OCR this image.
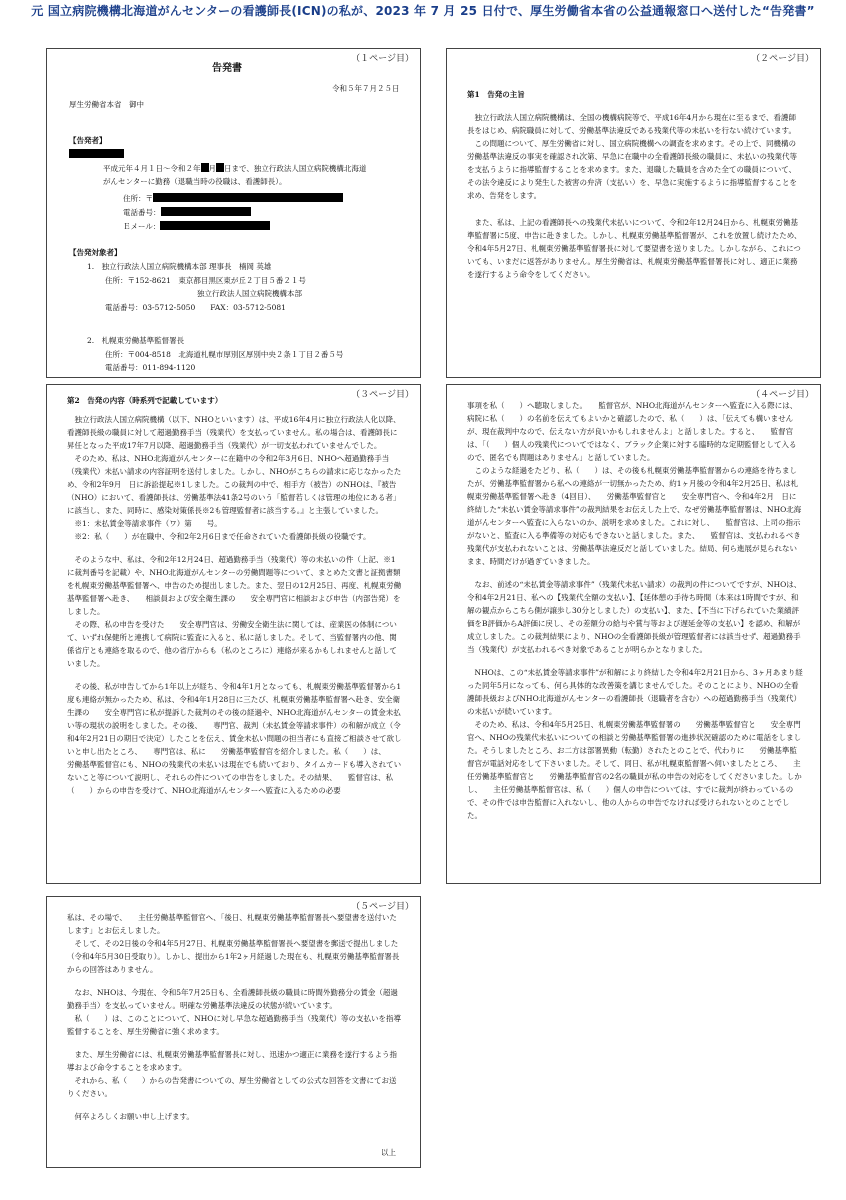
元 国立病院機構北海道がんセンターの看護師長(ICN)の私が、2023 年 7 月 25 日付で、厚生労働省本省の公益通報窓口へ送付した“告発書”
（１ページ目）
告発書
令和５年７月２５日
厚生労働省本省　御中
【告発者】
平成元年４月１日〜令和２年 月 日まで、独立行政法人国立病院機構北海道
がんセンターに勤務（退職当時の役職は、看護師長）。
住所：〒
電話番号：
Ｅメール：
【告発対象者】
1.　独立行政法人国立病院機構本部 理事長　楠岡 英雄
住所：〒152-8621　東京都目黒区東が丘２丁目５番２１号
独立行政法人国立病院機構本部
電話番号：03-5712-5050　　FAX：03-5712-5081
2.　札幌東労働基準監督署長
住所：〒004-8518　北海道札幌市厚別区厚別中央２条１丁目２番５号
電話番号：011-894-1120
（２ページ目）
第1　告発の主旨

独立行政法人国立病院機構は、全国の機構病院等で、平成16年4月から現在に至るまで、看護師長をはじめ、病院職員に対して、労働基準法違反である残業代等の未払いを行ない続けています。

この問題について、厚生労働省に対し、国立病院機構への調査を求めます。その上で、同機構の労働基準法違反の事実を確認され次第、早急に在職中の全看護師長級の職員に、未払いの残業代等を支払うように指導監督することを求めます。また、退職した職員を含めた全ての職員について、その法令違反により発生した被害の弁済（支払い）を、早急に実施するように指導監督することを求め、告発をします。

また、私は、上記の看護師長への残業代未払いについて、令和2年12月24日から、札幌東労働基準監督署に5度、申告に赴きました。しかし、札幌東労働基準監督署が、これを放置し続けたため、令和4年5月27日、札幌東労働基準監督署長に対して要望書を送りました。しかしながら、これについても、いまだに返答がありません。厚生労働省は、札幌東労働基準監督署長に対し、適正に業務を遂行するよう命令をしてください。

（３ページ目）
第2　告発の内容（時系列で記載しています）

独立行政法人国立病院機構（以下、NHOといいます）は、平成16年4月に独立行政法人化以降、看護師長級の職員に対して超過勤務手当（残業代）を支払っていません。私の場合は、看護師長に昇任となった平成17年7月以降、超過勤務手当（残業代）が一切支払われていませんでした。

そのため、私は、NHO北海道がんセンターに在籍中の令和2年3月6日、NHOへ超過勤務手当（残業代）未払い請求の内容証明を送付しました。しかし、NHOがこちらの請求に応じなかったため、令和2年9月　日に訴訟提起※1しました。この裁判の中で、相手方（被告）のNHOは、『被告（NHO）において、看護師長は、労働基準法41条2号のいう「監督若しくは管理の地位にある者」に該当し、また、同時に、感染対策係長※2も管理監督者に該当する。』と主張していました。

※1：未払賃金等請求事件（ワ）第　　号。

※2：私（　　）が在職中、令和2年2月6日まで任命されていた看護師長級の役職です。

そのような中、私は、令和2年12月24日、超過勤務手当（残業代）等の未払いの件（上記、※1に裁判番号を記載）や、NHO北海道がんセンターの労働問題等について、まとめた文書と証拠書類を札幌東労働基準監督署へ、申告のため提出しました。また、翌日の12月25日、再度、札幌東労働基準監督署へ赴き、　　相談員および安全衛生課の　　安全専門官に相談および申告（内部告発）をしました。

その際、私の申告を受けた　　安全専門官は、労働安全衛生法に関しては、産業医の体制について、いずれ保健所と連携して病院に監査に入ると、私に話しました。そして、当監督署内の他、関係省庁とも連絡を取るので、他の省庁からも（私のところに）連絡が来るかもしれませんと話していました。

その後、私が申告してから1年以上が経ち、令和4年1月となっても、札幌東労働基準監督署から1度も連絡が無かったため、私は、令和4年1月28日に三たび、札幌東労働基準監督署へ赴き、安全衛生課の　　安全専門官に私が提訴した裁判のその後の経過や、NHO北海道がんセンターの賃金未払い等の現状の説明をしました。その後、　　専門官、裁判（未払賃金等請求事件）の和解が成立（令和4年2月21日の期日で決定）したことを伝え、賃金未払い問題の担当者にも直接ご相談させて欲しいと申し出たところ、　　専門官は、私に　　労働基準監督官を紹介しました。私（　　）は、　　労働基準監督官にも、NHOの残業代の未払いは現在でも続いており、タイムカードも導入されていないこと等について説明し、それらの件についての申告をしました。その結果、　　監督官は、私（　　）からの申告を受けて、NHO北海道がんセンターへ監査に入るための必要

（４ページ目）

事項を私（　　）へ聴取しました。　　監督官が、NHO北海道がんセンターへ監査に入る際には、病院に私（　　）の名前を伝えてもよいかと確認したので、私（　　）は、「伝えても構いませんが、現在裁判中なので、伝えない方が良いかもしれませんよ」と話しました。すると、　　監督官は、「（　　）個人の残業代についてではなく、ブラック企業に対する臨時的な定期監督として入るので、匿名でも問題はありません」と話していました。

このような経過をたどり、私（　　）は、その後も札幌東労働基準監督署からの連絡を待ちましたが、労働基準監督署から私への連絡が一切無かったため、約1ヶ月後の令和4年2月25日、私は札幌東労働基準監督署へ赴き（4回目）、　　労働基準監督官と　　安全専門官へ、令和4年2月　日に終結した“未払い賃金等請求事件”の裁判結果をお伝えした上で、なぜ労働基準監督署は、NHO北海道がんセンターへ監査に入らないのか、説明を求めました。これに対し、　　監督官は、上司の指示がないと、監査に入る準備等の対応もできないと話しました。また、　　監督官は、支払われるべき残業代が支払われないことは、労働基準法違反だと話していました。結局、何ら進展が見られないまま、時間だけが過ぎていきました。

なお、前述の“未払賃金等請求事件”（残業代未払い請求）の裁判の件についてですが、NHOは、令和4年2月21日、私への【残業代全額の支払い】、【延体憩の手待ち時間（本来は1時間ですが、和解の観点からこちら側が譲歩し30分としました）の支払い】、また、【不当に下げられていた業績評価をB評価からA評価に戻し、その差額分の給与や賞与等および遅延金等の支払い】を認め、和解が成立しました。この裁判結果により、NHOの全看護師長級が管理監督者には該当せず、超過勤務手当（残業代）が支払われるべき対象であることが明らかとなりました。

NHOは、この“未払賃金等請求事件”が和解により終結した令和4年2月21日から、3ヶ月あまり経った同年5月になっても、何ら具体的な改善策を講じませんでした。そのことにより、NHOの全看護師長級およびNHO北海道がんセンターの看護師長（退職者を含む）への超過勤務手当（残業代）の未払いが続いています。

そのため、私は、令和4年5月25日、札幌東労働基準監督署の　　労働基準監督官と　　安全専門官へ、NHOの残業代未払いについての相談と労働基準監督署の進捗状況確認のために電話をしました。そうしましたところ、お二方は部署異動（転勤）されたとのことで、代わりに　　労働基準監督官が電話対応をして下さいました。そして、同日、私が札幌東監督署へ伺いましたところ、　　主任労働基準監督官と　　労働基準監督官の2名の職員が私の申告の対応をしてくださいました。しかし、　　主任労働基準監督官は、私（　　）個人の申告については、すでに裁判が終わっているので、その件では申告監督に入れないし、他の人からの申告でなければ受けられないとのことでした。

（５ページ目）

私は、その場で、　　主任労働基準監督官へ、「後日、札幌東労働基準監督署長へ要望書を送付いたします」とお伝えしました。

そして、その2日後の令和4年5月27日、札幌東労働基準監督署長へ要望書を郵送で提出しました（令和4年5月30日受取り）。しかし、提出から1年2ヶ月経過した現在も、札幌東労働基準監督署長からの回答はありません。

なお、NHOは、今現在、令和5年7月25日も、全看護師長級の職員に時間外勤務分の賃金（超過勤務手当）を支払っていません。明確な労働基準法違反の状態が続いています。

私（　　）は、このことについて、NHOに対し早急な超過勤務手当（残業代）等の支払いを指導監督することを、厚生労働省に強く求めます。

また、厚生労働省には、札幌東労働基準監督署長に対し、迅速かつ適正に業務を遂行するよう指導および命令することを求めます。

それから、私（　　）からの告発書についての、厚生労働省としての公式な回答を文書にてお送りください。

何卒よろしくお願い申し上げます。

以上
